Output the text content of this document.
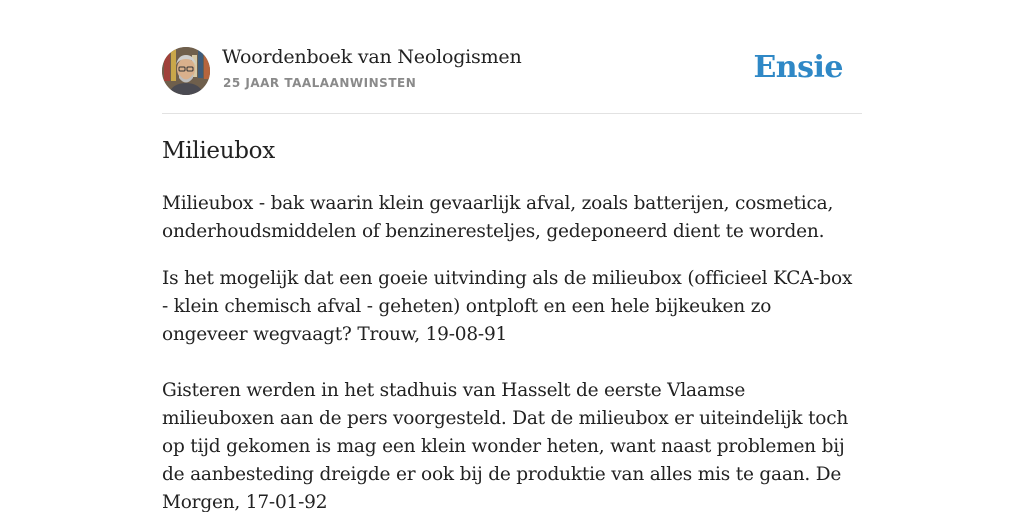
Woordenboek van Neologismen
25 JAAR TAALAANWINSTEN	Ensie
Milieubox

Milieubox - bak waarin klein gevaarlijk afval, zoals batterijen, cosmetica, onderhoudsmiddelen of benzineresteljes, gedeponeerd dient te worden.

Is het mogelijk dat een goeie uitvinding als de milieubox (officieel KCA-box - klein chemisch afval - geheten) ontploft en een hele bijkeuken zo ongeveer wegvaagt? Trouw, 19-08-91

Gisteren werden in het stadhuis van Hasselt de eerste Vlaamse milieuboxen aan de pers voorgesteld. Dat de milieubox er uiteindelijk toch op tijd gekomen is mag een klein wonder heten, want naast problemen bij de aanbesteding dreigde er ook bij de produktie van alles mis te gaan. De Morgen, 17-01-92
